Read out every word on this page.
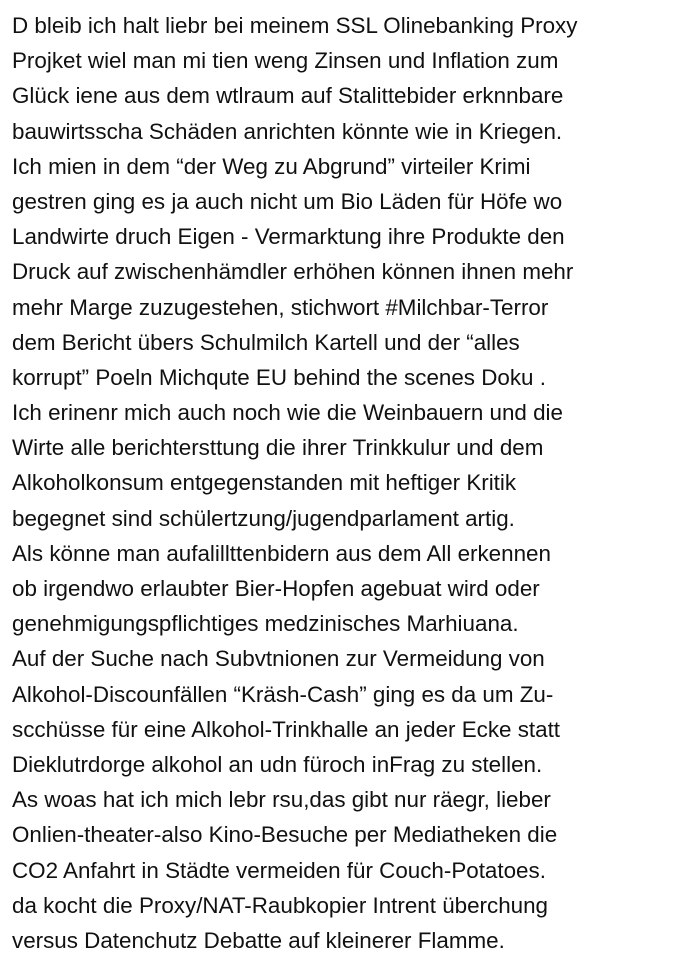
D bleib ich halt liebr bei meinem SSL Olinebanking Proxy
Projket wiel man mi tien weng Zinsen und Inflation zum
Glück iene aus dem wtlraum auf Stalittebider erknnbare
bauwirtsscha Schäden anrichten könnte wie in Kriegen.
Ich mien in dem “der Weg zu Abgrund” virteiler Krimi
gestren ging es ja auch nicht um Bio Läden für Höfe wo
Landwirte druch Eigen - Vermarktung ihre Produkte den
Druck auf zwischenhämdler erhöhen können ihnen mehr
mehr Marge zuzugestehen, stichwort #Milchbar-Terror
dem Bericht übers Schulmilch Kartell und der “alles
korrupt” Poeln Michqute EU behind the scenes Doku .
Ich erinenr mich auch noch wie die Weinbauern und die
Wirte alle berichtersttung die ihrer Trinkkulur und dem
Alkoholkonsum entgegenstanden mit heftiger Kritik
begegnet sind schülertzung/jugendparlament artig.
Als könne man aufalillttenbidern aus dem All erkennen
ob irgendwo erlaubter Bier-Hopfen agebuat wird oder
genehmigungspflichtiges medzinisches Marhiuana.
Auf der Suche nach Subvtnionen zur Vermeidung von
Alkohol-Discounfällen “Kräsh-Cash” ging es da um Zu-
scchüsse für eine Alkohol-Trinkhalle an jeder Ecke statt
Dieklutrdorge alkohol an udn füroch inFrag zu stellen.
As woas hat ich mich lebr rsu,das gibt nur räegr, lieber
Onlien-theater-also Kino-Besuche per Mediatheken die
CO2 Anfahrt in Städte vermeiden für Couch-Potatoes.
da kocht die Proxy/NAT-Raubkopier Intrent überchung
versus Datenchutz Debatte auf kleinerer Flamme.
